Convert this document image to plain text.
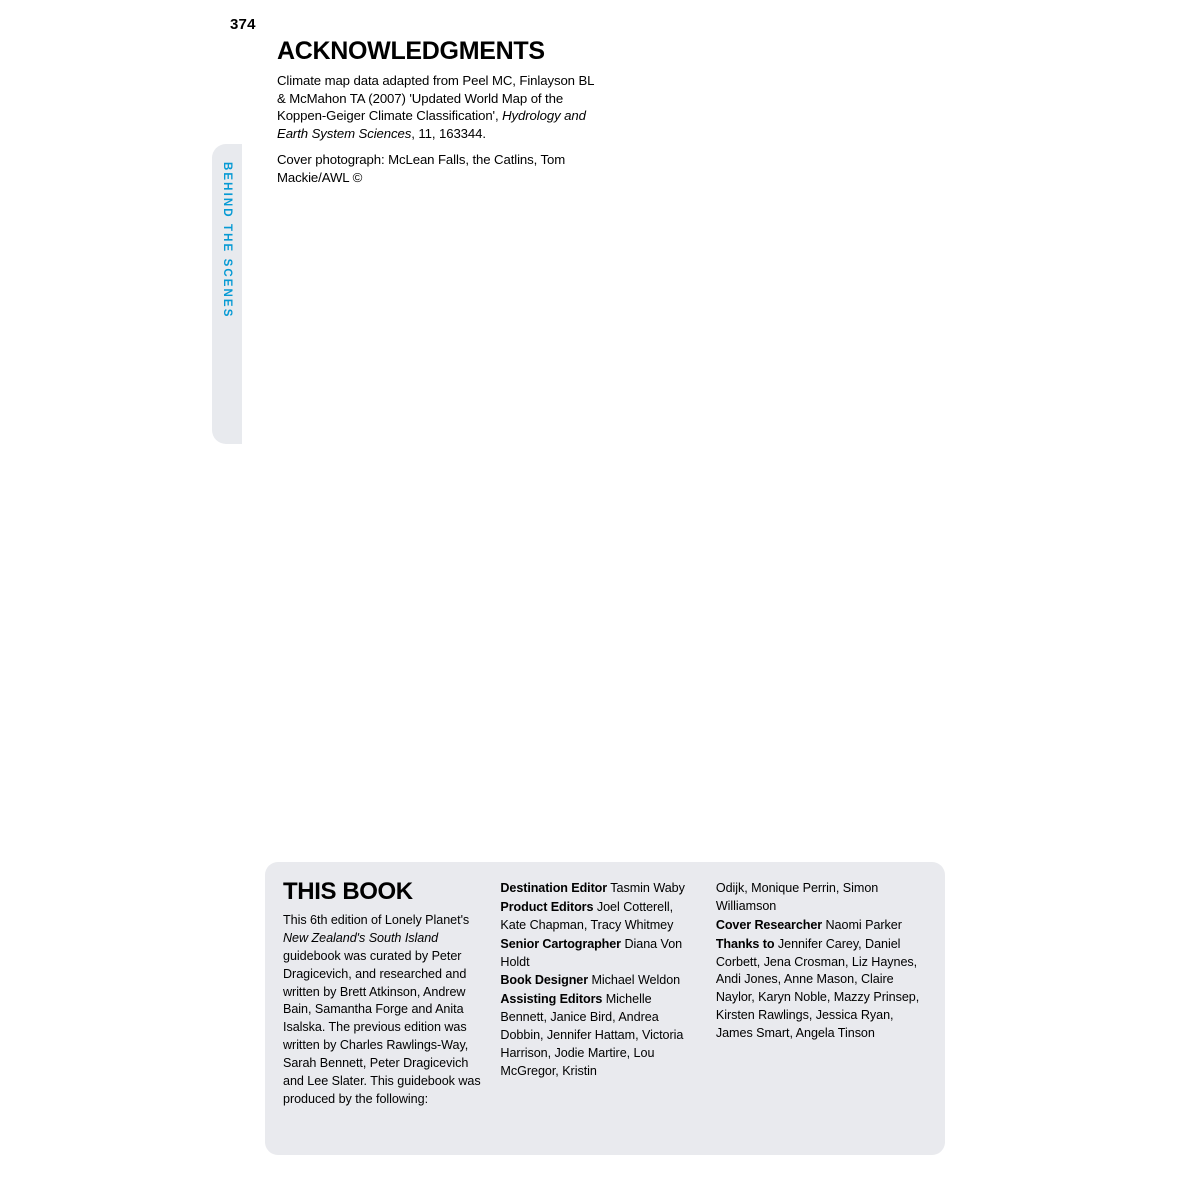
374
BEHIND THE SCENES
ACKNOWLEDGMENTS

Climate map data adapted from Peel MC, Finlayson BL & McMahon TA (2007) 'Updated World Map of the Koppen-Geiger Climate Classification', Hydrology and Earth System Sciences, 11, 163344.

Cover photograph: McLean Falls, the Catlins, Tom Mackie/AWL ©

THIS BOOK

This 6th edition of Lonely Planet's New Zealand's South Island guidebook was curated by Peter Dragicevich, and researched and written by Brett Atkinson, Andrew Bain, Samantha Forge and Anita Isalska. The previous edition was written by Charles Rawlings-Way, Sarah Bennett, Peter Dragicevich and Lee Slater. This guidebook was produced by the following:

Destination Editor Tasmin Waby

Product Editors Joel Cotterell, Kate Chapman, Tracy Whitmey

Senior Cartographer Diana Von Holdt

Book Designer Michael Weldon

Assisting Editors Michelle Bennett, Janice Bird, Andrea Dobbin, Jennifer Hattam, Victoria Harrison, Jodie Martire, Lou McGregor, Kristin

Odijk, Monique Perrin, Simon Williamson

Cover Researcher Naomi Parker

Thanks to Jennifer Carey, Daniel Corbett, Jena Crosman, Liz Haynes, Andi Jones, Anne Mason, Claire Naylor, Karyn Noble, Mazzy Prinsep, Kirsten Rawlings, Jessica Ryan, James Smart, Angela Tinson
